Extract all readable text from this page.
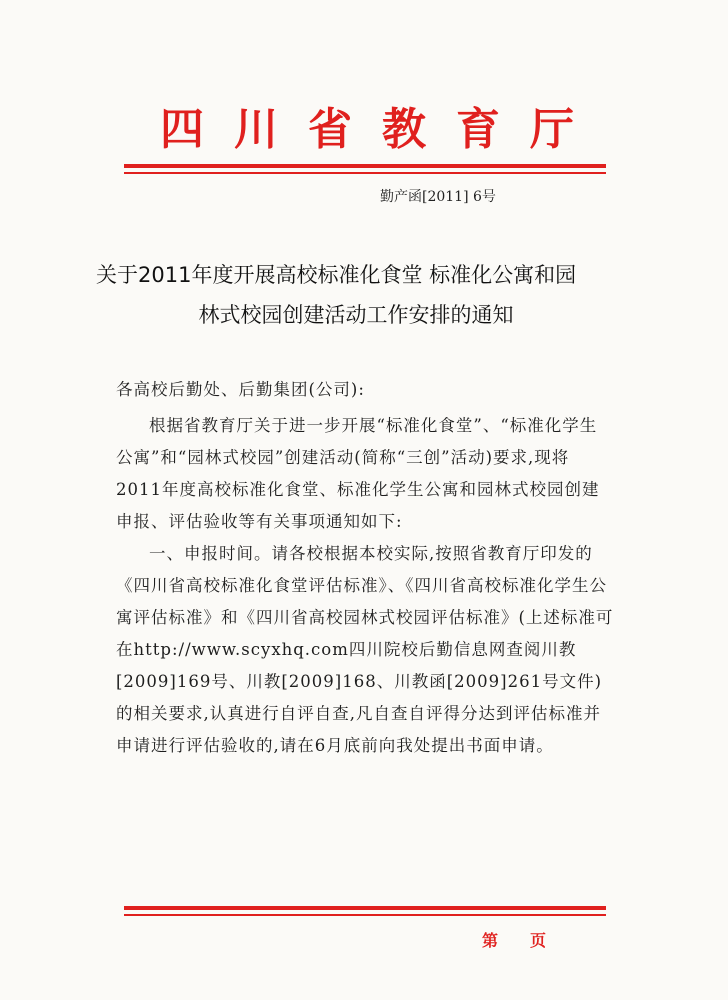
四川省教育厅
勤产函[2011] 6号
关于2011年度开展高校标准化食堂 标准化公寓和园
林式校园创建活动工作安排的通知

各高校后勤处、后勤集团(公司):

根据省教育厅关于进一步开展“标准化食堂”、“标准化学生公寓”和“园林式校园”创建活动(简称“三创”活动)要求,现将2011年度高校标准化食堂、标准化学生公寓和园林式校园创建申报、评估验收等有关事项通知如下:

一、申报时间。请各校根据本校实际,按照省教育厅印发的《四川省高校标准化食堂评估标准》、《四川省高校标准化学生公寓评估标准》和《四川省高校园林式校园评估标准》(上述标准可在http://www.scyxhq.com四川院校后勤信息网查阅川教[2009]169号、川教[2009]168、川教函[2009]261号文件)的相关要求,认真进行自评自查,凡自查自评得分达到评估标准并申请进行评估验收的,请在6月底前向我处提出书面申请。

第页
